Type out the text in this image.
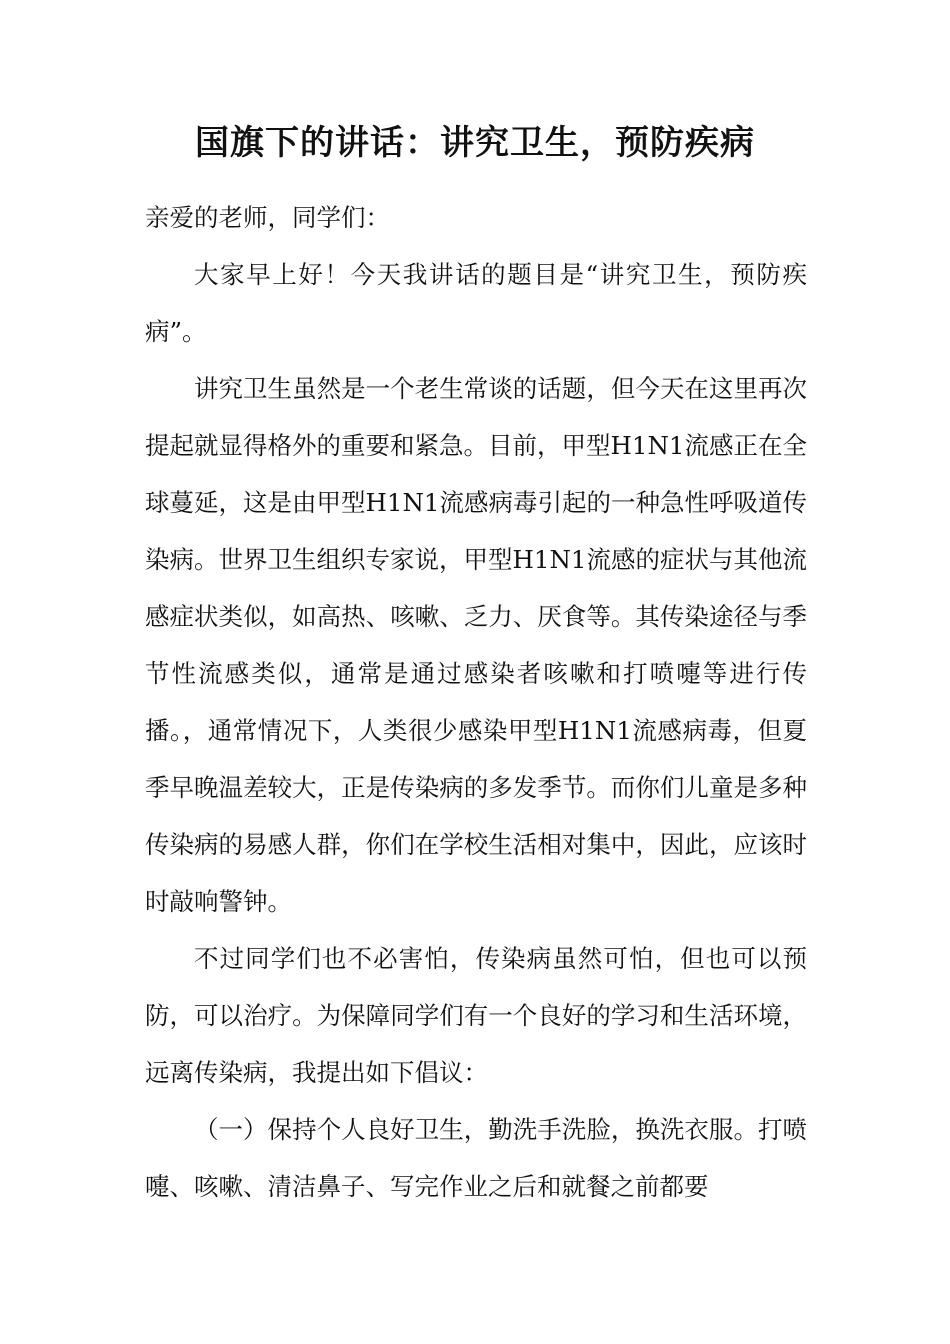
国旗下的讲话：讲究卫生，预防疾病

亲爱的老师，同学们：

大家早上好！今天我讲话的题目是“讲究卫生，预防疾病”。

讲究卫生虽然是一个老生常谈的话题，但今天在这里再次提起就显得格外的重要和紧急。目前，甲型H1N1流感正在全球蔓延，这是由甲型H1N1流感病毒引起的一种急性呼吸道传染病。世界卫生组织专家说，甲型H1N1流感的症状与其他流感症状类似，如高热、咳嗽、乏力、厌食等。其传染途径与季节性流感类似，通常是通过感染者咳嗽和打喷嚏等进行传播。，通常情况下，人类很少感染甲型H1N1流感病毒，但夏季早晚温差较大，正是传染病的多发季节。而你们儿童是多种传染病的易感人群，你们在学校生活相对集中，因此，应该时时敲响警钟。

不过同学们也不必害怕，传染病虽然可怕，但也可以预防，可以治疗。为保障同学们有一个良好的学习和生活环境，远离传染病，我提出如下倡议：

（一）保持个人良好卫生，勤洗手洗脸，换洗衣服。打喷嚏、咳嗽、清洁鼻子、写完作业之后和就餐之前都要
